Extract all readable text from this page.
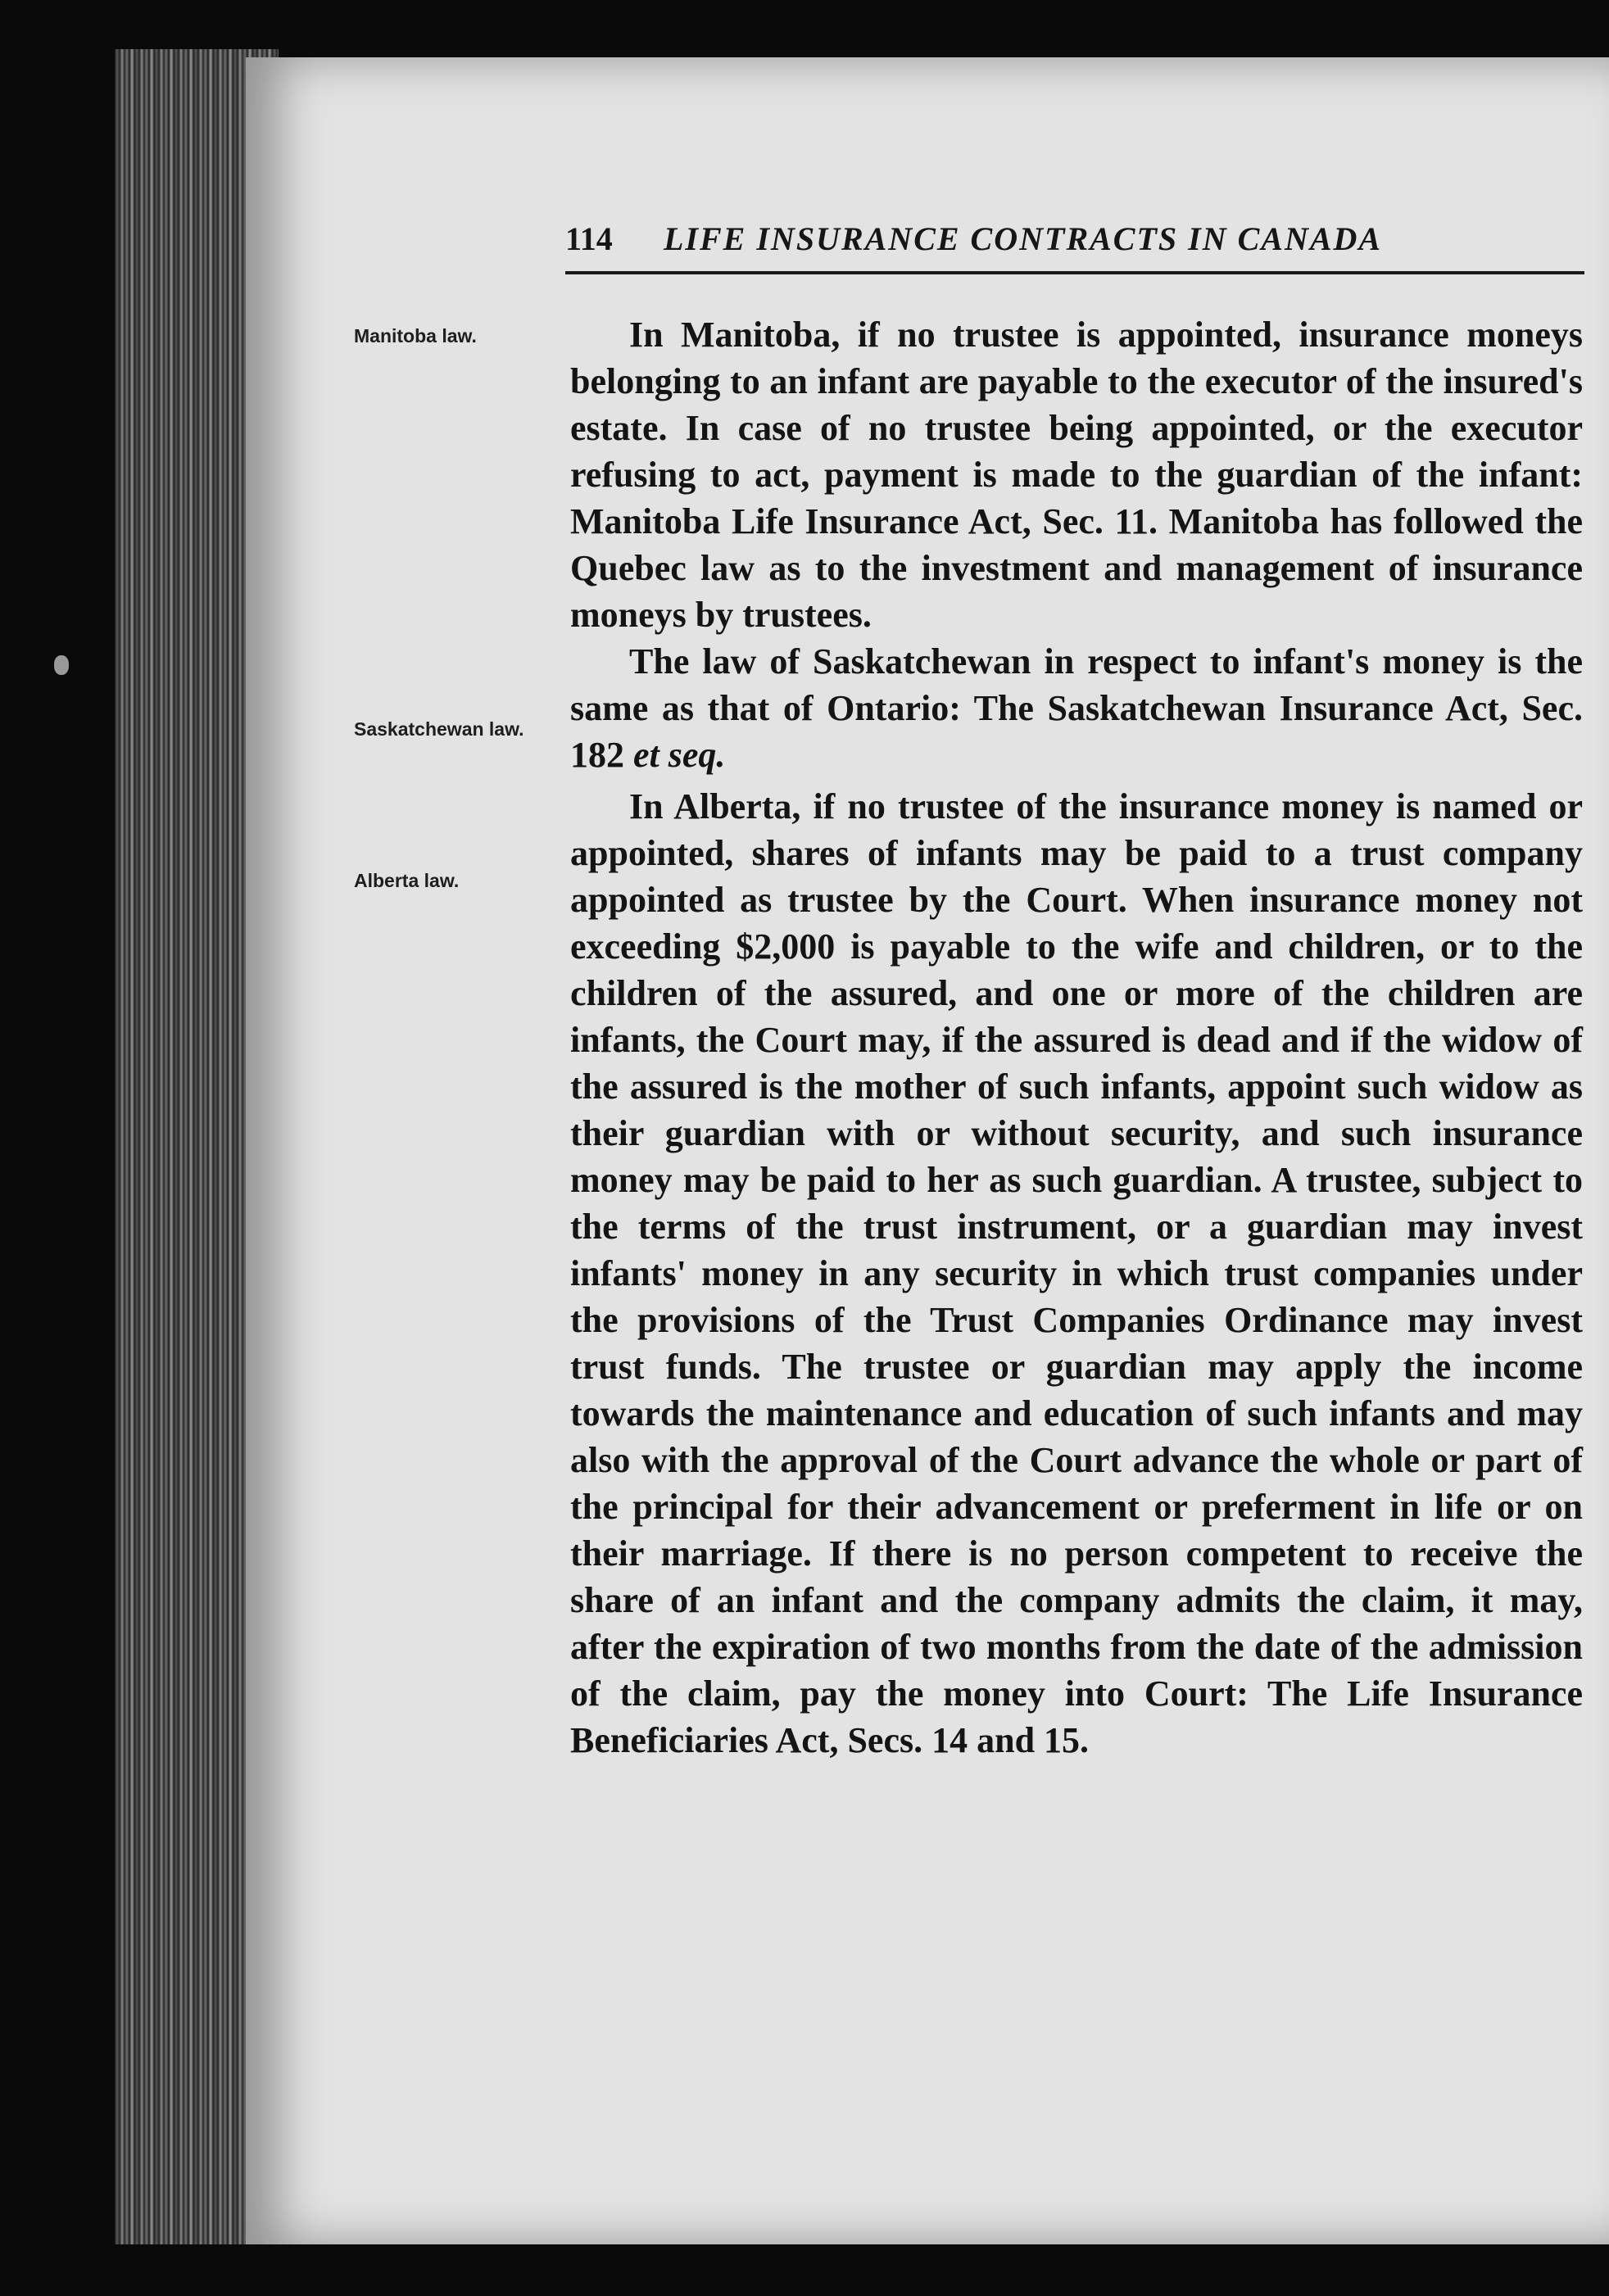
114 LIFE INSURANCE CONTRACTS IN CANADA
Manitoba law.
Saskatchewan law.
Alberta law.

In Manitoba, if no trustee is appointed, insurance moneys belonging to an infant are payable to the executor of the insured's estate. In case of no trustee being appointed, or the executor refusing to act, payment is made to the guardian of the infant: Manitoba Life Insurance Act, Sec. 11. Manitoba has followed the Quebec law as to the investment and management of insurance moneys by trustees.

The law of Saskatchewan in respect to infant's money is the same as that of Ontario: The Saskatchewan Insurance Act, Sec. 182 et seq.

In Alberta, if no trustee of the insurance money is named or appointed, shares of infants may be paid to a trust company appointed as trustee by the Court. When insurance money not exceeding $2,000 is payable to the wife and children, or to the children of the assured, and one or more of the children are infants, the Court may, if the assured is dead and if the widow of the assured is the mother of such infants, appoint such widow as their guardian with or without security, and such insurance money may be paid to her as such guardian. A trustee, subject to the terms of the trust instrument, or a guardian may invest infants' money in any security in which trust companies under the provisions of the Trust Companies Ordinance may invest trust funds. The trustee or guardian may apply the income towards the maintenance and education of such infants and may also with the approval of the Court advance the whole or part of the principal for their advancement or preferment in life or on their marriage. If there is no person competent to receive the share of an infant and the company admits the claim, it may, after the expiration of two months from the date of the admission of the claim, pay the money into Court: The Life Insurance Beneficiaries Act, Secs. 14 and 15.
